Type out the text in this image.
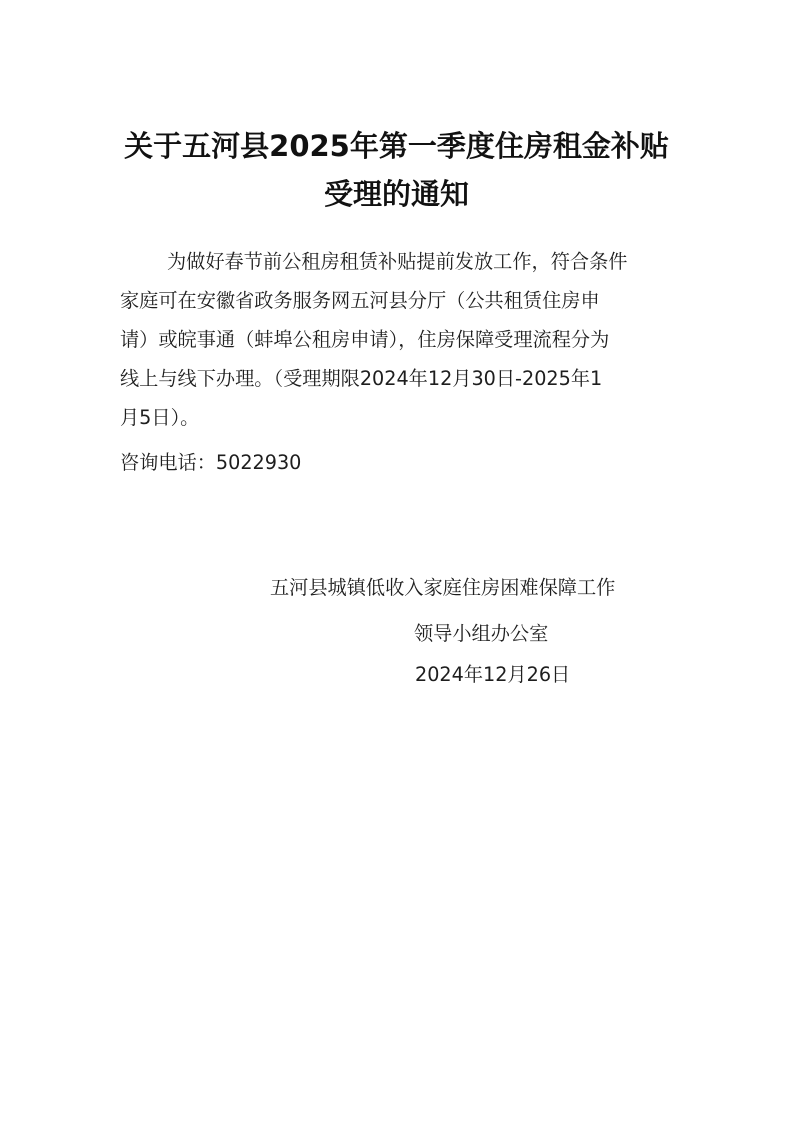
关于五河县2025年第一季度住房租金补贴
受理的通知
为做好春节前公租房租赁补贴提前发放工作，符合条件
家庭可在安徽省政务服务网五河县分厅（公共租赁住房申
请）或皖事通（蚌埠公租房申请），住房保障受理流程分为
线上与线下办理。（受理期限2024年12月30日-2025年1
月5日）。
咨询电话：5022930
五河县城镇低收入家庭住房困难保障工作
领导小组办公室
2024年12月26日
